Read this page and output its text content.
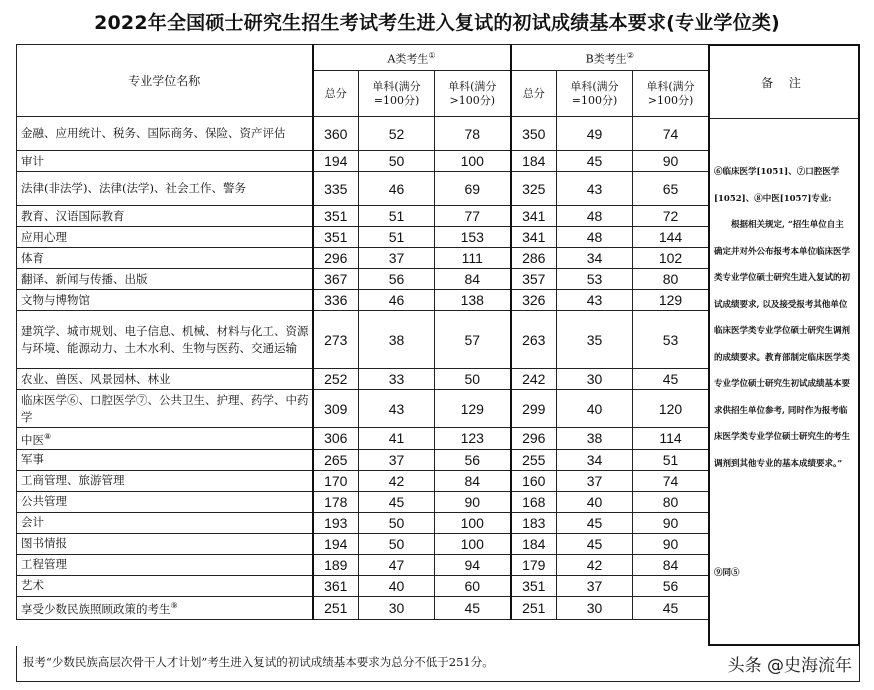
2022年全国硕士研究生招生考试考生进入复试的初试成绩基本要求(专业学位类)
专业学位名称	A类考生①			B类考生②
	总分	单科(满分=100分)	单科(满分>100分)	总分	单科(满分=100分)	单科(满分>100分)
金融、应用统计、税务、国际商务、保险、资产评估	360	52	78	350	49	74
审计	194	50	100	184	45	90
法律(非法学)、法律(法学)、社会工作、警务	335	46	69	325	43	65
教育、汉语国际教育	351	51	77	341	48	72
应用心理	351	51	153	341	48	144
体育	296	37	111	286	34	102
翻译、新闻与传播、出版	367	56	84	357	53	80
文物与博物馆	336	46	138	326	43	129
建筑学、城市规划、电子信息、机械、材料与化工、资源与环境、能源动力、土木水利、生物与医药、交通运输	273	38	57	263	35	53
农业、兽医、风景园林、林业	252	33	50	242	30	45
临床医学⑥、口腔医学⑦、公共卫生、护理、药学、中药学	309	43	129	299	40	120
中医⑧	306	41	123	296	38	114
军事	265	37	56	255	34	51
工商管理、旅游管理	170	42	84	160	37	74
公共管理	178	45	90	168	40	80
会计	193	50	100	183	45	90
图书情报	194	50	100	184	45	90
工程管理	189	47	94	179	42	84
艺术	361	40	60	351	37	56
享受少数民族照顾政策的考生⑨	251	30	45	251	30	45
备 注

⑥临床医学[1051]、⑦口腔医学

[1052]、⑧中医[1057]专业:

根据相关规定, “招生单位自主

确定并对外公布报考本单位临床医学

类专业学位硕士研究生进入复试的初

试成绩要求, 以及接受报考其他单位

临床医学类专业学位硕士研究生调剂

的成绩要求。教育部制定临床医学类

专业学位硕士研究生初试成绩基本要

求供招生单位参考, 同时作为报考临

床医学类专业学位硕士研究生的考生

调剂到其他专业的基本成绩要求。”

⑨同⑤
报考“少数民族高层次骨干人才计划”考生进入复试的初试成绩基本要求为总分不低于251分。	头条 @史海流年
